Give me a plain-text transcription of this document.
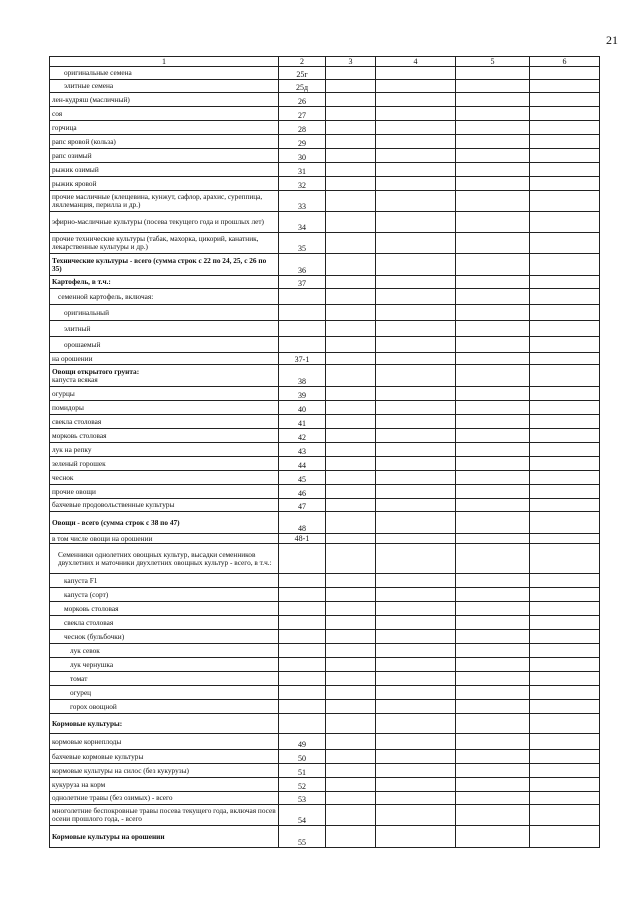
21
1	2	3	4	5	6
оригинальные семена	25г				
элитные семена	25д				
лен-кудряш (масличный)	26				
соя	27				
горчица	28				
рапс яровой (кольза)	29				
рапс озимый	30				
рыжик озимый	31				
рыжик яровой	32				
прочие масличные (клещевина, кунжут, сафлор, арахис, суреппица, ляллеманция, перилла и др.)	33				
эфирно-масличные культуры (посева текущего года и прошлых лет)	34				
прочие технические культуры (табак, махорка, цикорий, канатник, лекарственные культуры и др.)	35				
Технические культуры - всего (сумма строк с 22 по 24, 25, с 26 по 35)	36				
Картофель, в т.ч.:	37				
семенной картофель, включая:					
оригинальный					
элитный					
орошаемый					
на орошении	37-1				
Овощи открытого грунта:
капуста всякая	38				
огурцы	39				
помидоры	40				
свекла столовая	41				
морковь столовая	42				
лук на репку	43				
зеленый горошек	44				
чеснок	45				
прочие овощи	46				
бахчевые продовольственные культуры	47				
Овощи - всего (сумма строк с 38 по 47)	48				
в том числе овощи на орошении	48-1				
Семенники однолетних овощных культур, высадки семенников двухлетних и маточники двухлетних овощных культур - всего, в т.ч.:					
капуста F1					
капуста (сорт)					
морковь столовая					
свекла столовая					
чеснок (бульбочки)					
лук севок					
лук чернушка					
томат					
огурец					
горох овощной					
Кормовые культуры:					
кормовые корнеплоды	49				
бахчевые кормовые культуры	50				
кормовые культуры на силос (без кукурузы)	51				
кукуруза на корм	52				
однолетние травы (без озимых) - всего	53				
многолетние беспокровные травы посева текущего года, включая посев осени прошлого года, - всего	54				
Кормовые культуры на орошении	55				
